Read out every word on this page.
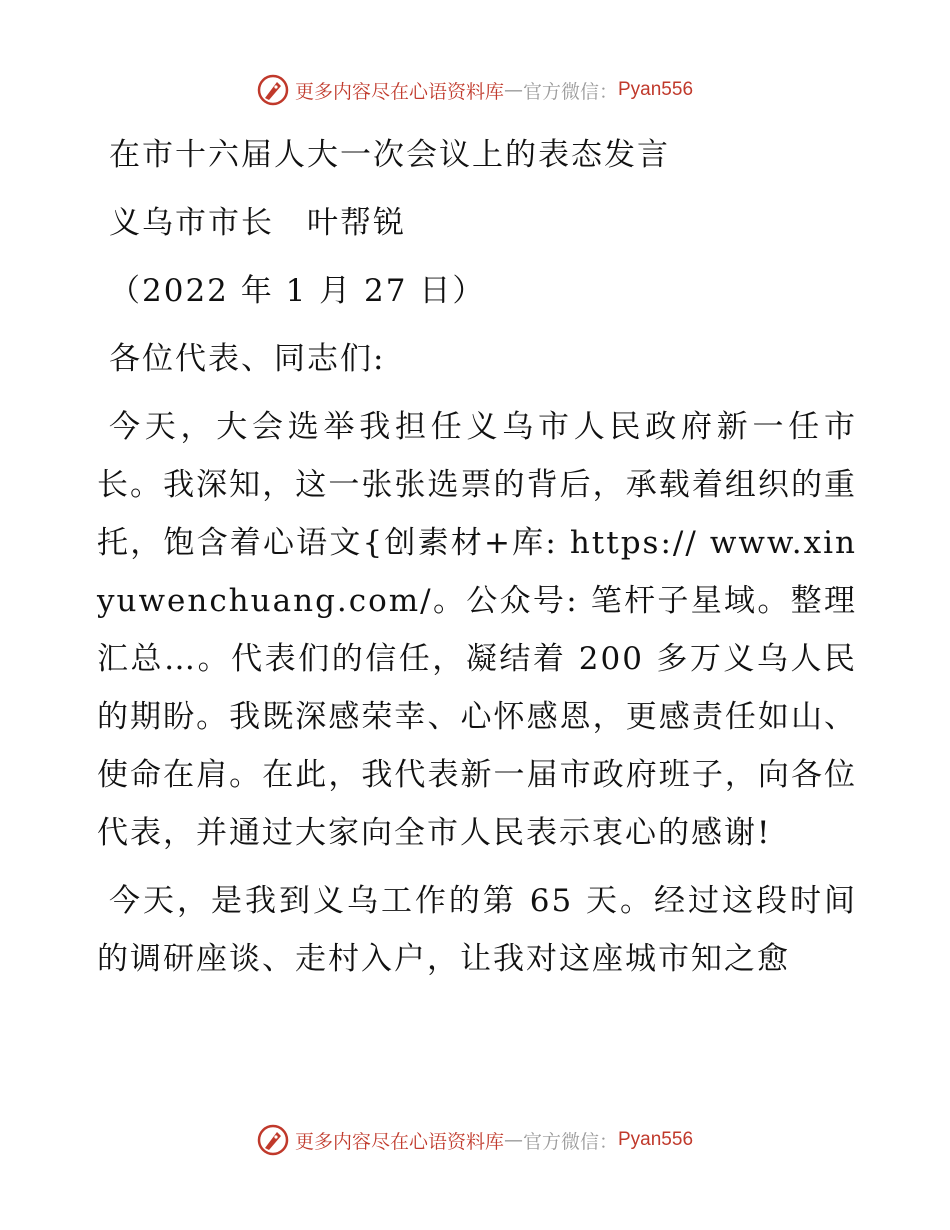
更多内容尽在心语资料库 — 官方微信： Pyan556

在市十六届人大一次会议上的表态发言

义乌市市长　叶帮锐

（2022 年 1 月 27 日）

各位代表、同志们:

今天，大会选举我担任义乌市人民政府新一任市长。我深知，这一张张选票的背后，承载着组织的重托，饱含着心语文{创素材+库: https:// www.xinyuwenchuang.com/。公众号: 笔杆子星域。整理汇总…。代表们的信任，凝结着 200 多万义乌人民的期盼。我既深感荣幸、心怀感恩，更感责任如山、使命在肩。在此，我代表新一届市政府班子，向各位代表，并通过大家向全市人民表示衷心的感谢!

今天，是我到义乌工作的第 65 天。经过这段时间的调研座谈、走村入户，让我对这座城市知之愈

更多内容尽在心语资料库 — 官方微信： Pyan556
